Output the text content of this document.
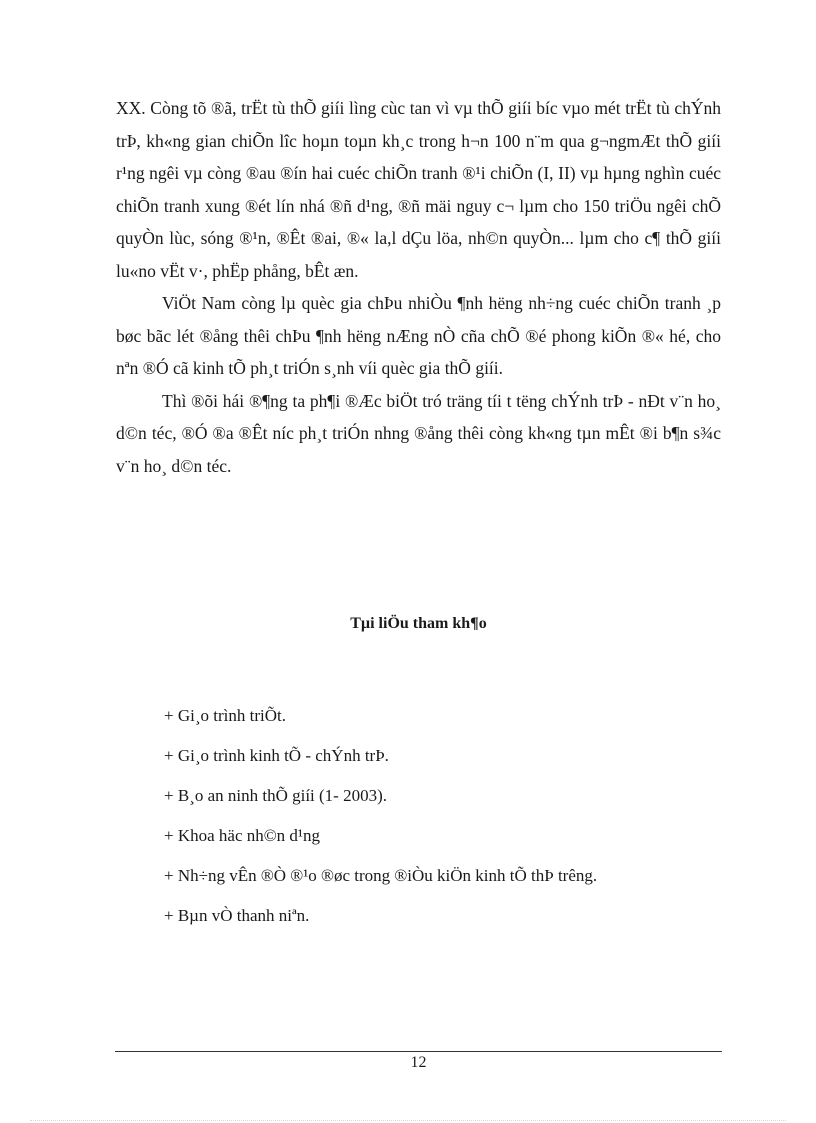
XX. Còng tõ ®ã, trËt tù thÕ giíi lìng cùc tan vì vµ thÕ giíi bíc vµo mét trËt tù chÝnh trÞ, kh«ng gian chiÕn lîc hoµn toµn kh¸c trong h¬n 100 n¨m qua g¬ngmÆt thÕ giíi r¹ng ngêi vµ còng ®au ®ín hai cuéc chiÕn tranh ®¹i chiÕn (I, II) vµ hµng nghìn cuéc chiÕn tranh xung ®ét lín nhá ®ñ d¹ng, ®ñ mäi nguy c¬ lµm cho 150 triÖu ngêi chÕ quyÒn lùc, sóng ®¹n, ®Êt ®ai, ®« la,l dÇu löa, nh©n quyÒn... lµm cho c¶ thÕ giíi lu«no vËt v·, phËp phång, bÊt æn.

ViÖt Nam còng lµ quèc gia chÞu nhiÒu ¶nh hëng nh÷ng cuéc chiÕn tranh ¸p bøc bãc lét ®ång thêi chÞu ¶nh hëng nÆng nÒ cña chÕ ®é phong kiÕn ®« hé, cho nªn ®Ó cã kinh tÕ ph¸t triÓn s¸nh víi quèc gia thÕ giíi.

Thì ®õi hái ®¶ng ta ph¶i ®Æc biÖt tró träng tíi t tëng chÝnh trÞ - nÐt v¨n ho¸ d©n téc, ®Ó ®a ®Êt níc ph¸t triÓn nhng ®ång thêi còng kh«ng tµn mÊt ®i b¶n s¾c v¨n ho¸ d©n téc.

Tµi liÖu tham kh¶o
+ Gi¸o trình triÕt.
+ Gi¸o trình kinh tÕ - chÝnh trÞ.
+ B¸o an ninh thÕ giíi (1- 2003).
+ Khoa häc nh©n d¹ng
+ Nh÷ng vÊn ®Ò ®¹o ®øc trong ®iÒu kiÖn kinh tÕ thÞ trêng.
+ Bµn vÒ thanh niªn.
12
